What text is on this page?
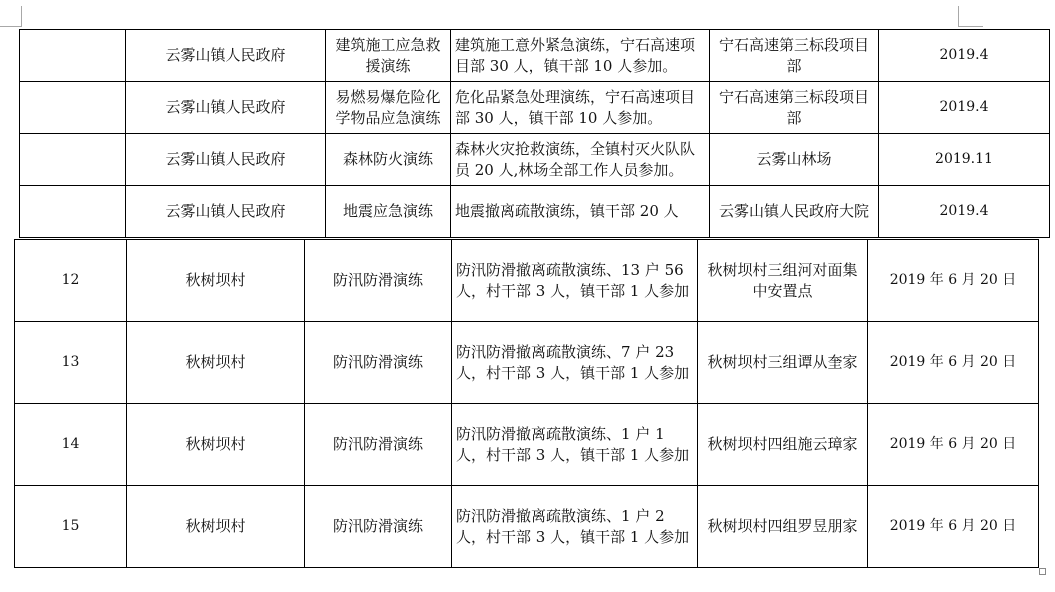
	云雾山镇人民政府	建筑施工应急救援演练	建筑施工意外紧急演练，宁石高速项目部 30 人，镇干部 10 人参加。	宁石高速第三标段项目部	2019.4
	云雾山镇人民政府	易燃易爆危险化学物品应急演练	危化品紧急处理演练，宁石高速项目部 30 人，镇干部 10 人参加。	宁石高速第三标段项目部	2019.4
	云雾山镇人民政府	森林防火演练	森林火灾抢救演练，全镇村灭火队队员 20 人,林场全部工作人员参加。	云雾山林场	2019.11
	云雾山镇人民政府	地震应急演练	地震撤离疏散演练，镇干部 20 人	云雾山镇人民政府大院	2019.4
12	秋树坝村	防汛防滑演练	防汛防滑撤离疏散演练、13 户 56 人，村干部 3 人，镇干部 1 人参加	秋树坝村三组河对面集中安置点	2019 年 6 月 20 日
13	秋树坝村	防汛防滑演练	防汛防滑撤离疏散演练、7 户 23 人，村干部 3 人，镇干部 1 人参加	秋树坝村三组谭从奎家	2019 年 6 月 20 日
14	秋树坝村	防汛防滑演练	防汛防滑撤离疏散演练、1 户 1 人，村干部 3 人，镇干部 1 人参加	秋树坝村四组施云璋家	2019 年 6 月 20 日
15	秋树坝村	防汛防滑演练	防汛防滑撤离疏散演练、1 户 2 人，村干部 3 人，镇干部 1 人参加	秋树坝村四组罗昱朋家	2019 年 6 月 20 日
